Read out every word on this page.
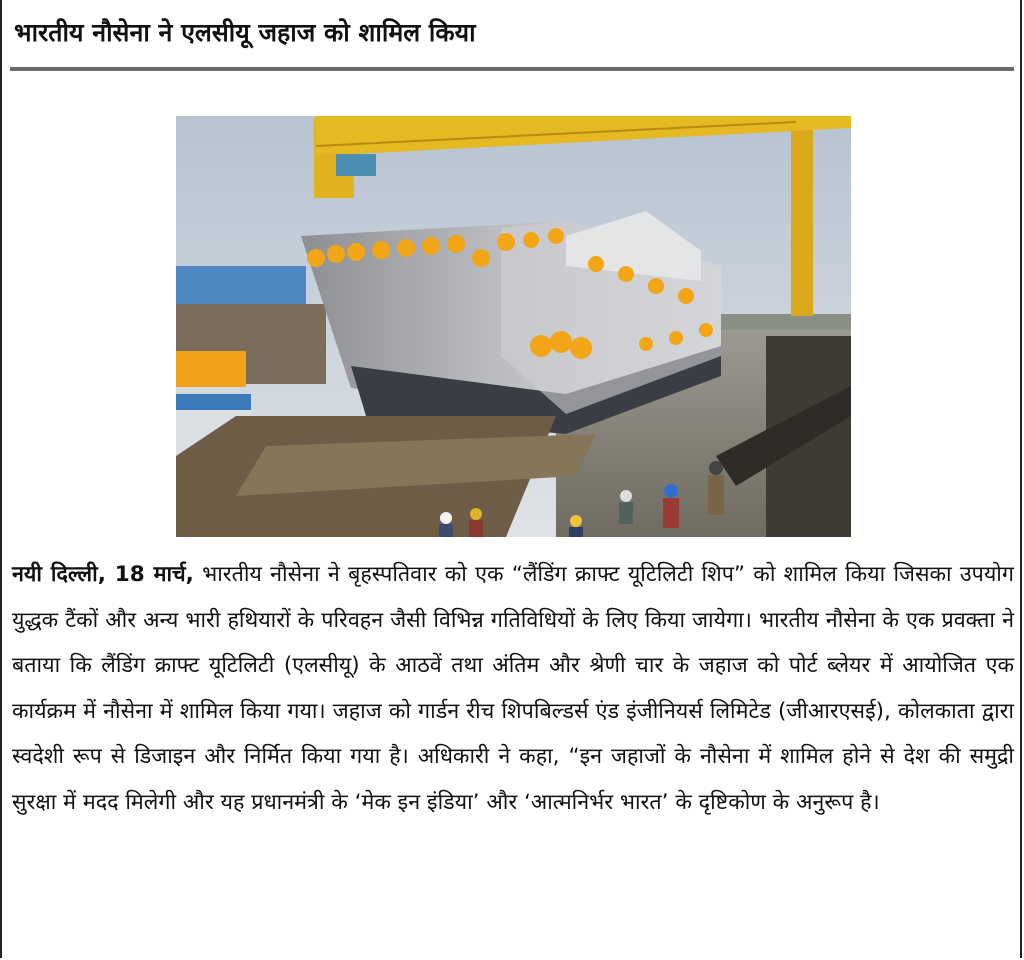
भारतीय नौसेना ने एलसीयू जहाज को शामिल किया

नयी दिल्ली, 18 मार्च, भारतीय नौसेना ने बृहस्पतिवार को एक “लैंडिंग क्राफ्ट यूटिलिटी शिप” को शामिल किया जिसका उपयोग युद्धक टैंकों और अन्य भारी हथियारों के परिवहन जैसी विभिन्न गतिविधियों के लिए किया जायेगा। भारतीय नौसेना के एक प्रवक्ता ने बताया कि लैंडिंग क्राफ्ट यूटिलिटी (एलसीयू) के आठवें तथा अंतिम और श्रेणी चार के जहाज को पोर्ट ब्लेयर में आयोजित एक कार्यक्रम में नौसेना में शामिल किया गया। जहाज को गार्डन रीच शिपबिल्डर्स एंड इंजीनियर्स लिमिटेड (जीआरएसई), कोलकाता द्वारा स्वदेशी रूप से डिजाइन और निर्मित किया गया है। अधिकारी ने कहा, “इन जहाजों के नौसेना में शामिल होने से देश की समुद्री सुरक्षा में मदद मिलेगी और यह प्रधानमंत्री के ‘मेक इन इंडिया’ और ‘आत्मनिर्भर भारत’ के दृष्टिकोण के अनुरूप है।
